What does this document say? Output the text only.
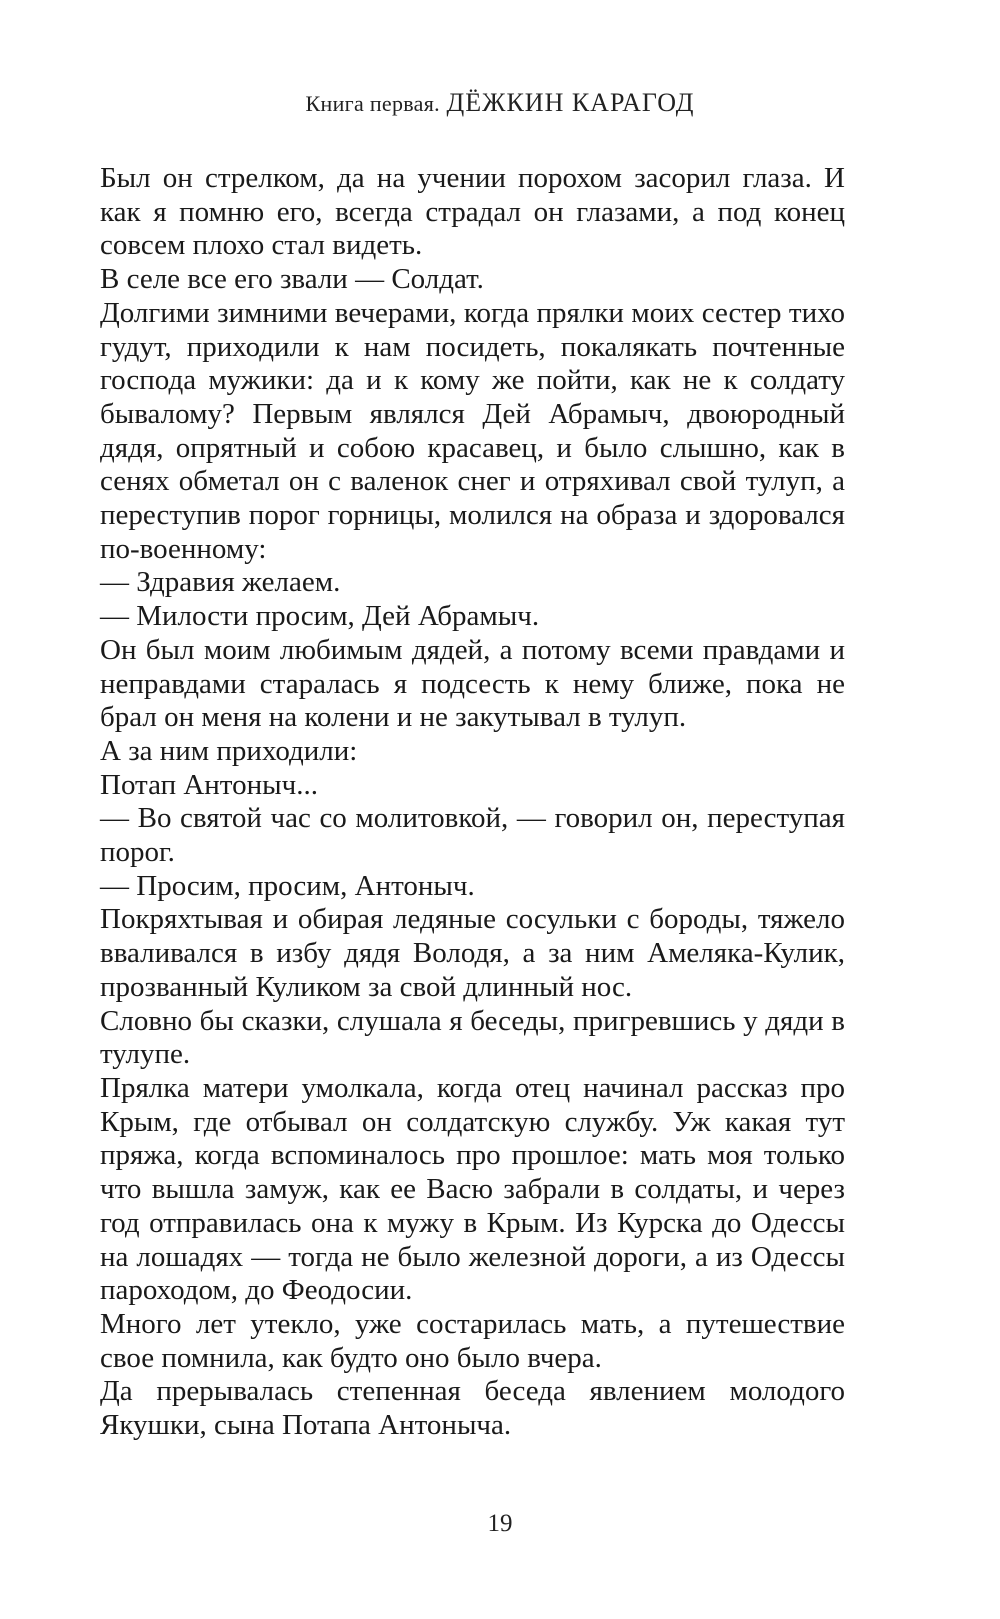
Книга первая. ДЁЖКИН КАРАГОД

Был он стрелком, да на учении порохом засорил глаза. И как я помню его, всегда страдал он глазами, а под конец совсем плохо стал видеть.

В селе все его звали — Солдат.

Долгими зимними вечерами, когда прялки моих сестер тихо гудут, приходили к нам посидеть, покалякать почтенные господа мужики: да и к кому же пойти, как не к солдату бывалому? Первым являлся Дей Абрамыч, двоюродный дядя, опрятный и собою красавец, и было слышно, как в сенях обметал он с валенок снег и отряхивал свой тулуп, а переступив порог горницы, молился на образа и здоровался по-военному:

— Здравия желаем.

— Милости просим, Дей Абрамыч.

Он был моим любимым дядей, а потому всеми правдами и неправдами старалась я подсесть к нему ближе, пока не брал он меня на колени и не закутывал в тулуп.

А за ним приходили:

Потап Антоныч...

— Во святой час со молитовкой, — говорил он, переступая порог.

— Просим, просим, Антоныч.

Покряхтывая и обирая ледяные сосульки с бороды, тяжело вваливался в избу дядя Володя, а за ним Амеляка-Кулик, прозванный Куликом за свой длинный нос.

Словно бы сказки, слушала я беседы, пригревшись у дяди в тулупе.

Прялка матери умолкала, когда отец начинал рассказ про Крым, где отбывал он солдатскую службу. Уж какая тут пряжа, когда вспоминалось про прошлое: мать моя только что вышла замуж, как ее Васю забрали в солдаты, и через год отправилась она к мужу в Крым. Из Курска до Одессы на лошадях — тогда не было железной дороги, а из Одессы пароходом, до Феодосии.

Много лет утекло, уже состарилась мать, а путешествие свое помнила, как будто оно было вчера.

Да прерывалась степенная беседа явлением молодого Якушки, сына Потапа Антоныча.

19
